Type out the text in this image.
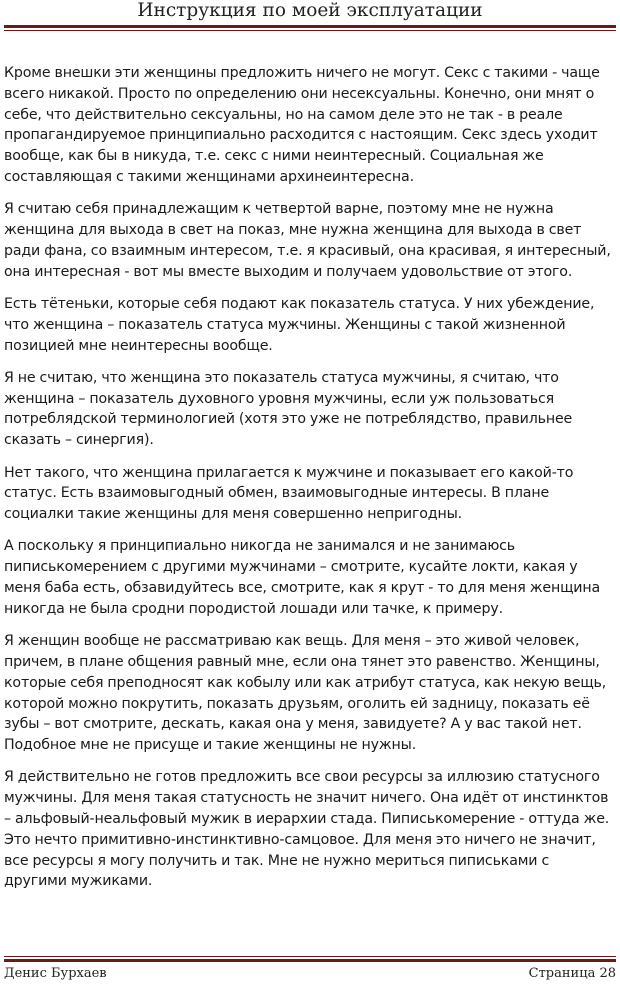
Инструкция по моей эксплуатации

Кроме внешки эти женщины предложить ничего не могут. Секс с такими - чаще всего никакой. Просто по определению они несексуальны. Конечно, они мнят о себе, что действительно сексуальны, но на самом деле это не так - в реале пропагандируемое принципиально расходится с настоящим. Секс здесь уходит вообще, как бы в никуда, т.е. секс с ними неинтересный. Социальная же составляющая с такими женщинами архинеинтересна.

Я считаю себя принадлежащим к четвертой варне, поэтому мне не нужна женщина для выхода в свет на показ, мне нужна женщина для выхода в свет ради фана, со взаимным интересом, т.е. я красивый, она красивая, я интересный, она интересная - вот мы вместе выходим и получаем удовольствие от этого.

Есть тётеньки, которые себя подают как показатель статуса. У них убеждение, что женщина – показатель статуса мужчины. Женщины с такой жизненной позицией мне неинтересны вообще.

Я не считаю, что женщина это показатель статуса мужчины, я считаю, что женщина – показатель духовного уровня мужчины, если уж пользоваться потреблядской терминологией (хотя это уже не потреблядство, правильнее сказать – синергия).

Нет такого, что женщина прилагается к мужчине и показывает его какой-то статус. Есть взаимовыгодный обмен, взаимовыгодные интересы. В плане социалки такие женщины для меня совершенно непригодны.

А поскольку я принципиально никогда не занимался и не занимаюсь пиписькомерением с другими мужчинами – смотрите, кусайте локти, какая у меня баба есть, обзавидуйтесь все, смотрите, как я крут - то для меня женщина никогда не была сродни породистой лошади или тачке, к примеру.

Я женщин вообще не рассматриваю как вещь. Для меня – это живой человек, причем, в плане общения равный мне, если она тянет это равенство. Женщины, которые себя преподносят как кобылу или как атрибут статуса, как некую вещь, которой можно покрутить, показать друзьям, оголить ей задницу, показать её зубы – вот смотрите, дескать, какая она у меня, завидуете? А у вас такой нет. Подобное мне не присуще и такие женщины не нужны.

Я действительно не готов предложить все свои ресурсы за иллюзию статусного мужчины. Для меня такая статусность не значит ничего. Она идёт от инстинктов – альфовый-неальфовый мужик в иерархии стада. Пиписькомерение - оттуда же. Это нечто примитивно-инстинктивно-самцовое. Для меня это ничего не значит, все ресурсы я могу получить и так. Мне не нужно мериться пиписьками с другими мужиками.

Денис Бурхаев	Страница 28
